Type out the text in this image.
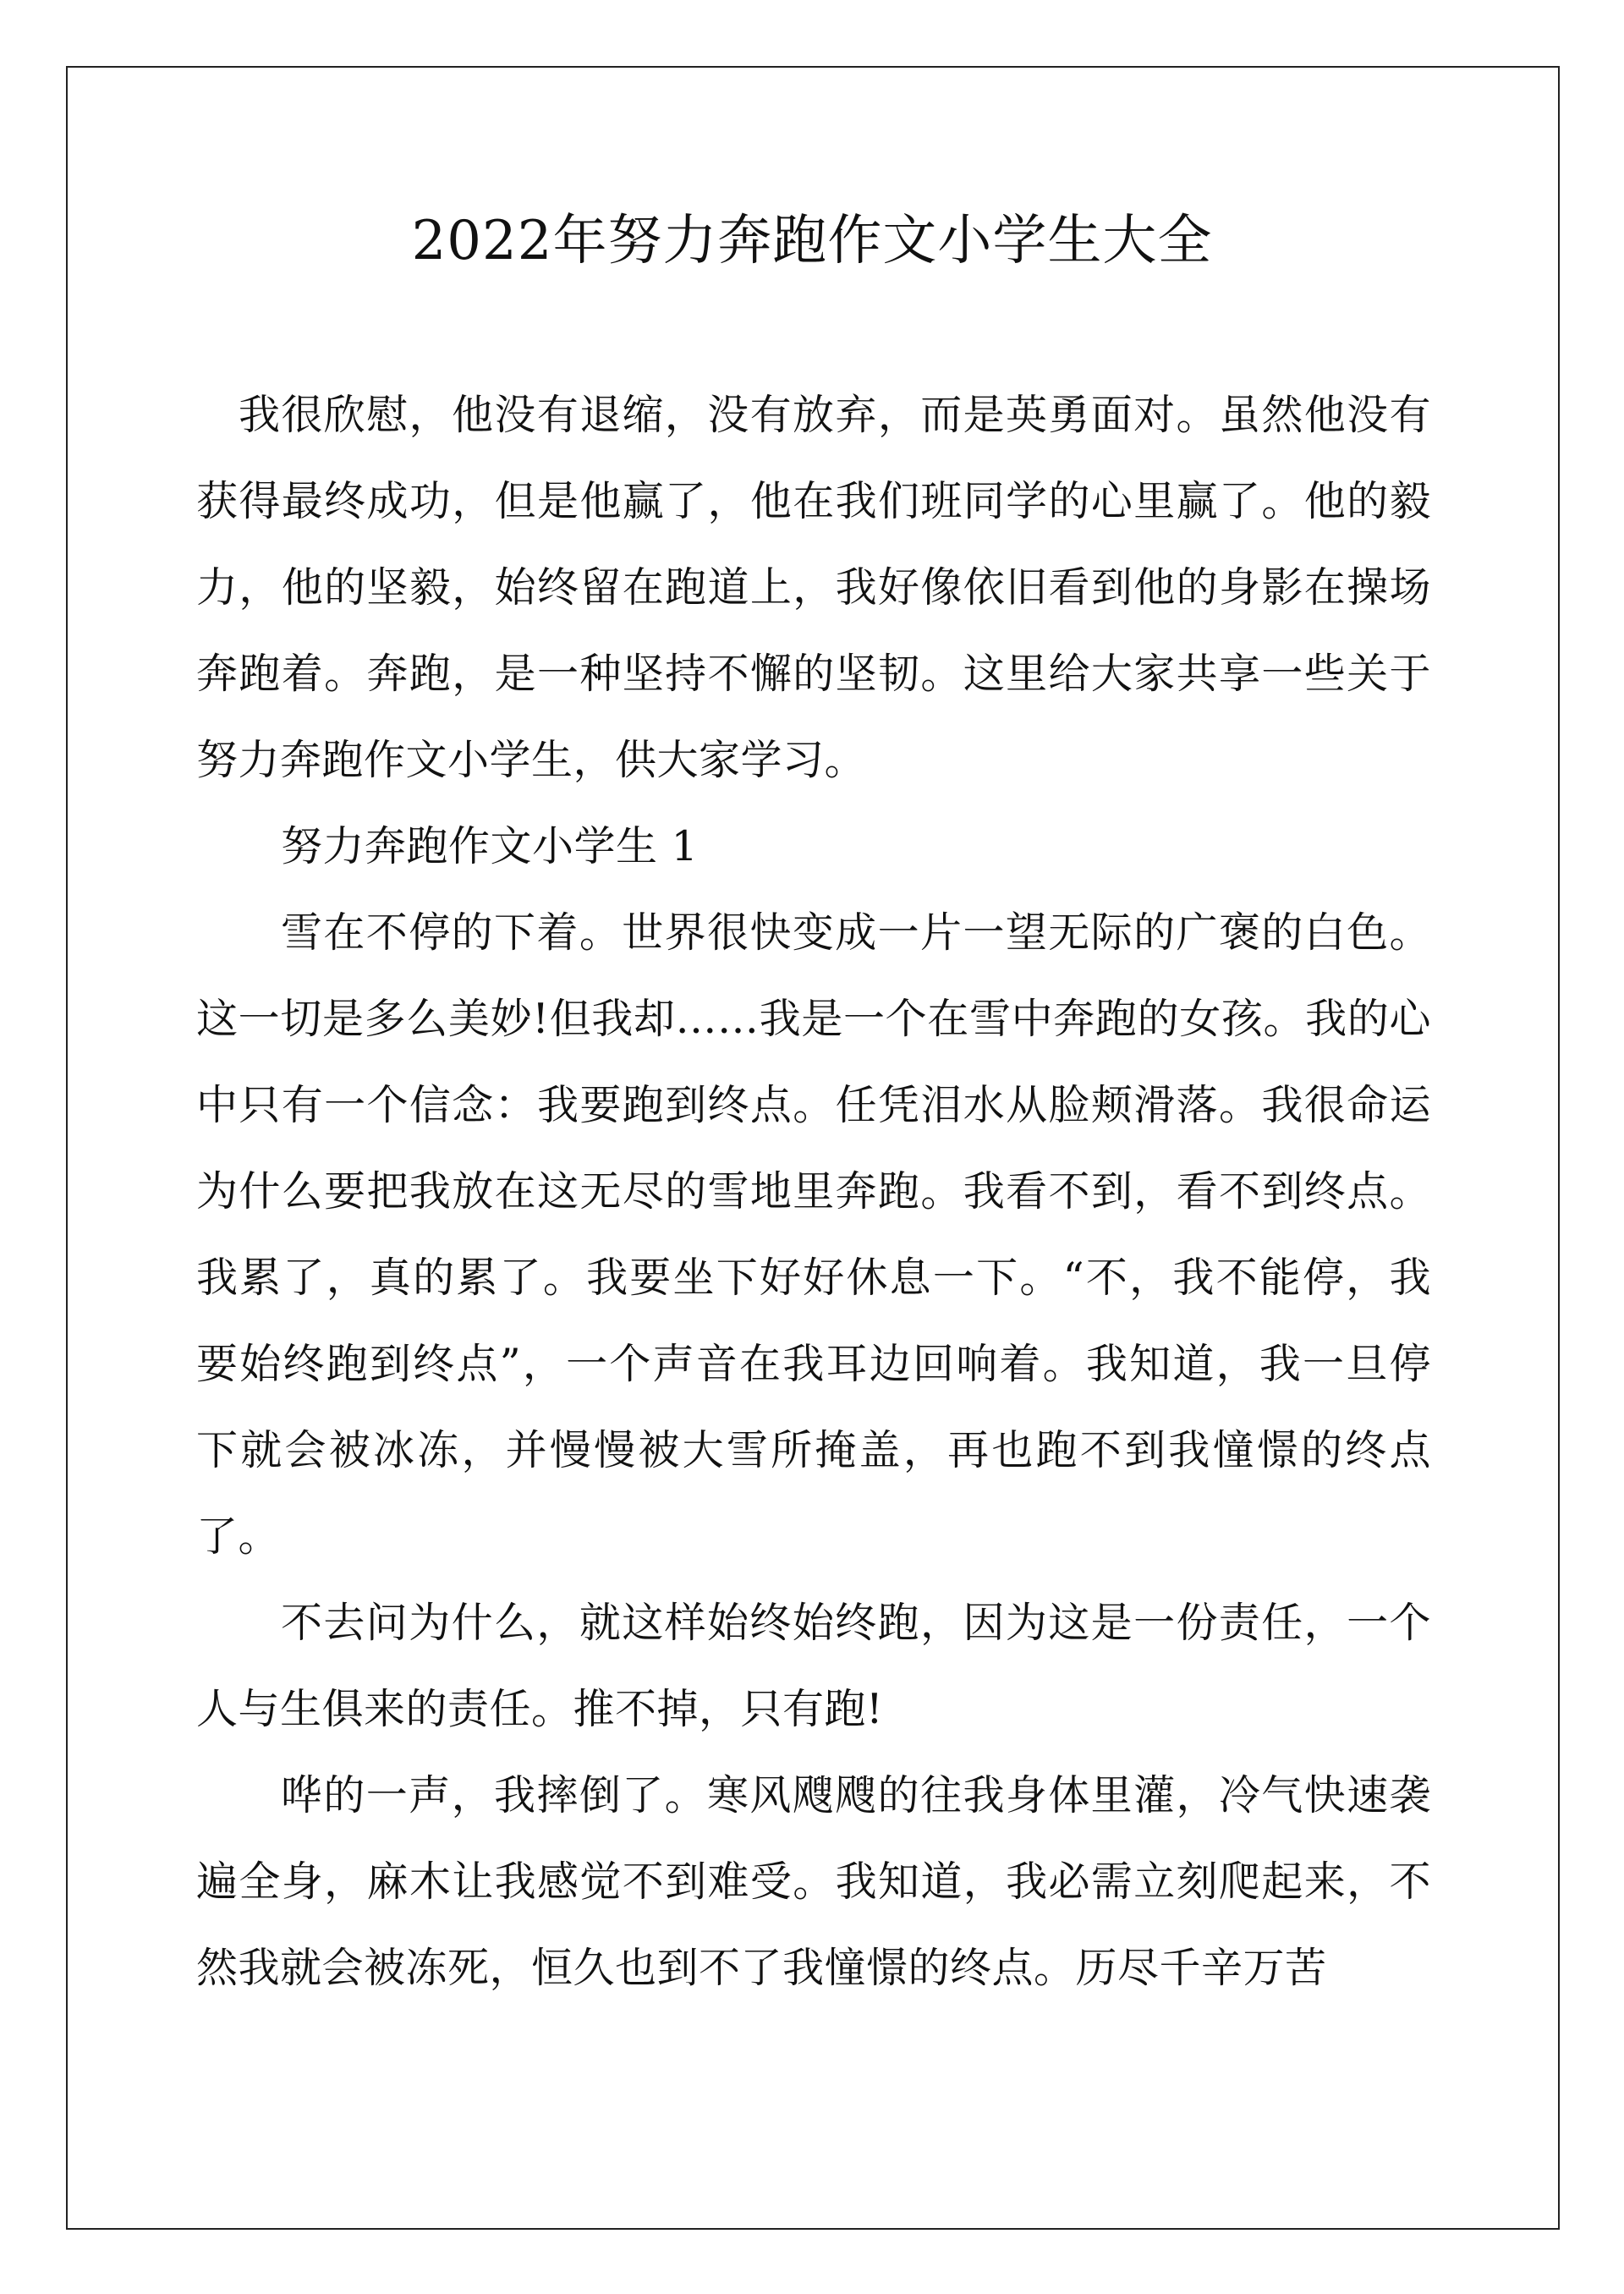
2022年努力奔跑作文小学生大全

我很欣慰，他没有退缩，没有放弃，而是英勇面对。虽然他没有获得最终成功，但是他赢了，他在我们班同学的心里赢了。他的毅力，他的坚毅，始终留在跑道上，我好像依旧看到他的身影在操场奔跑着。奔跑，是一种坚持不懈的坚韧。这里给大家共享一些关于努力奔跑作文小学生，供大家学习。

努力奔跑作文小学生 1

雪在不停的下着。世界很快变成一片一望无际的广褒的白色。这一切是多么美妙!但我却……我是一个在雪中奔跑的女孩。我的心中只有一个信念：我要跑到终点。任凭泪水从脸颊滑落。我很命运为什么要把我放在这无尽的雪地里奔跑。我看不到，看不到终点。我累了，真的累了。我要坐下好好休息一下。“不，我不能停，我要始终跑到终点”，一个声音在我耳边回响着。我知道，我一旦停下就会被冰冻，并慢慢被大雪所掩盖，再也跑不到我憧憬的终点了。

不去问为什么，就这样始终始终跑，因为这是一份责任，一个人与生俱来的责任。推不掉，只有跑!

哗的一声，我摔倒了。寒风飕飕的往我身体里灌，冷气快速袭遍全身，麻木让我感觉不到难受。我知道，我必需立刻爬起来，不然我就会被冻死，恒久也到不了我憧憬的终点。历尽千辛万苦
